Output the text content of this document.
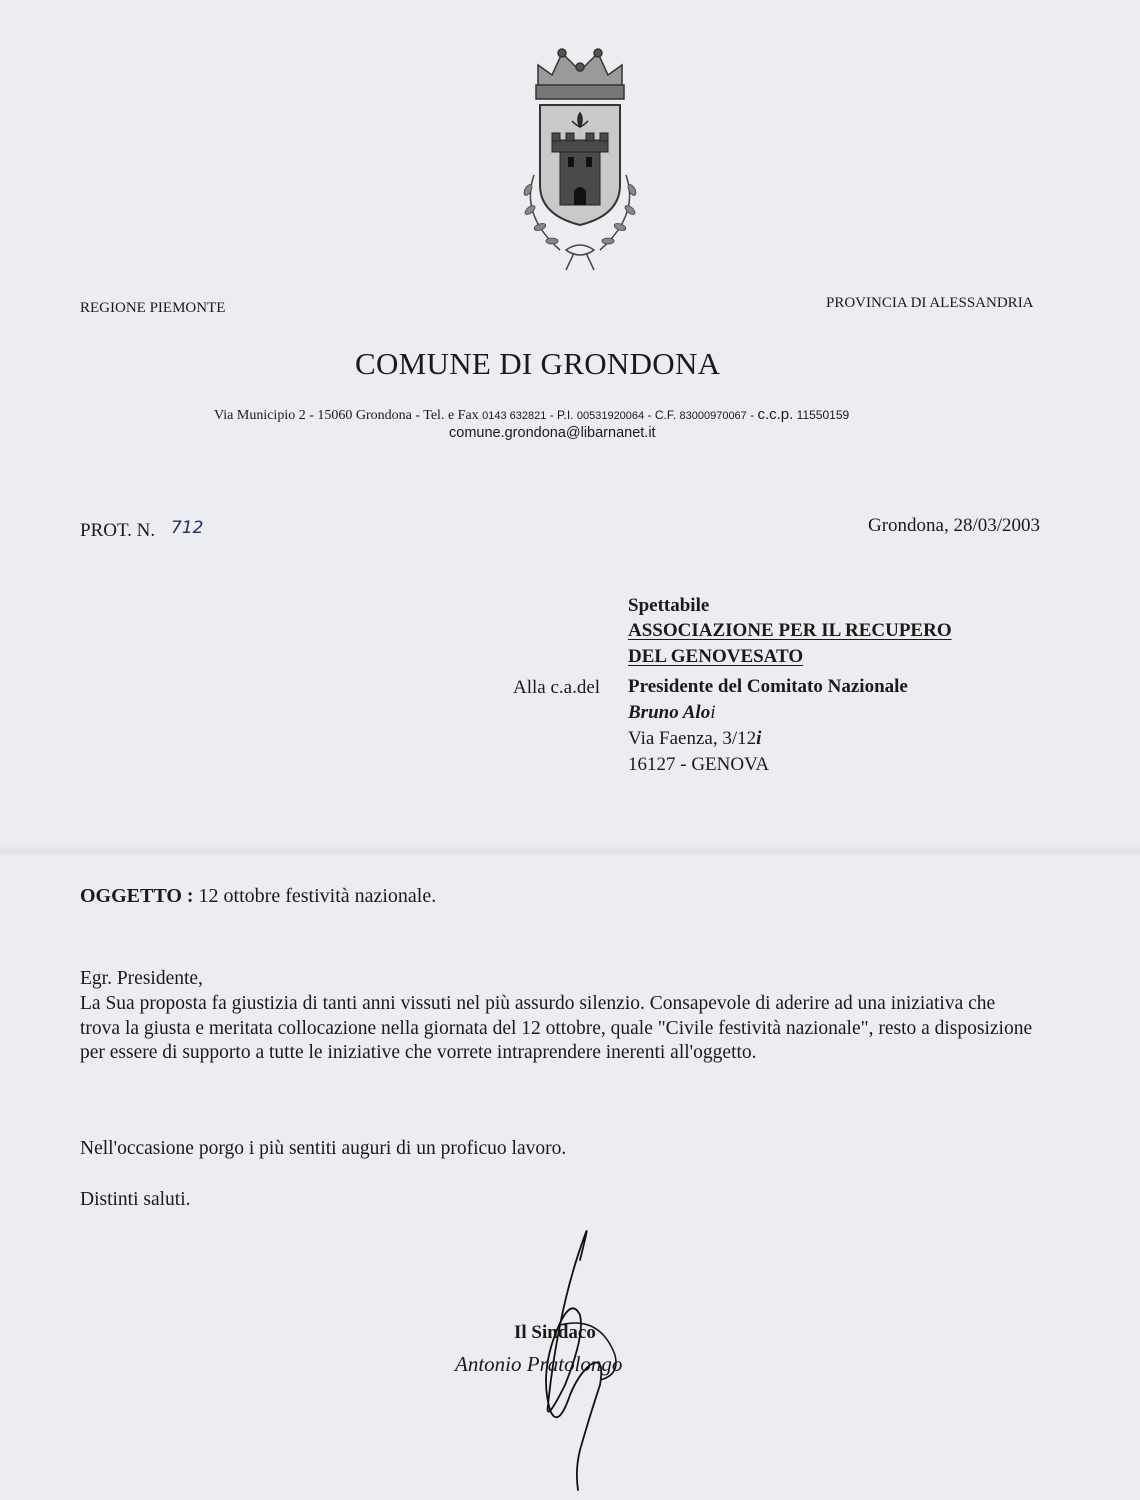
REGIONE PIEMONTE	PROVINCIA DI ALESSANDRIA
COMUNE DI GRONDONA
Via Municipio 2 - 15060 Grondona - Tel. e Fax 0143 632821 - P.I. 00531920064 - C.F. 83000970067 - c.c.p. 11550159
comune.grondona@libarnanet.it
PROT. N. 712	Grondona, 28/03/2003
Spettabile
ASSOCIAZIONE PER IL RECUPERO
DEL GENOVESATO
Alla c.a.del Presidente del Comitato Nazionale
Bruno Aloi
Via Faenza, 3/12i
16127 - GENOVA
OGGETTO : 12 ottobre festività nazionale.
Egr. Presidente,
La Sua proposta fa giustizia di tanti anni vissuti nel più assurdo silenzio. Consapevole di aderire ad una iniziativa che trova la giusta e meritata collocazione nella giornata del 12 ottobre, quale "Civile festività nazionale", resto a disposizione per essere di supporto a tutte le iniziative che vorrete intraprendere inerenti all'oggetto.
Nell'occasione porgo i più sentiti auguri di un proficuo lavoro.
Distinti saluti.
Il Sindaco
Antonio Pratolongo
